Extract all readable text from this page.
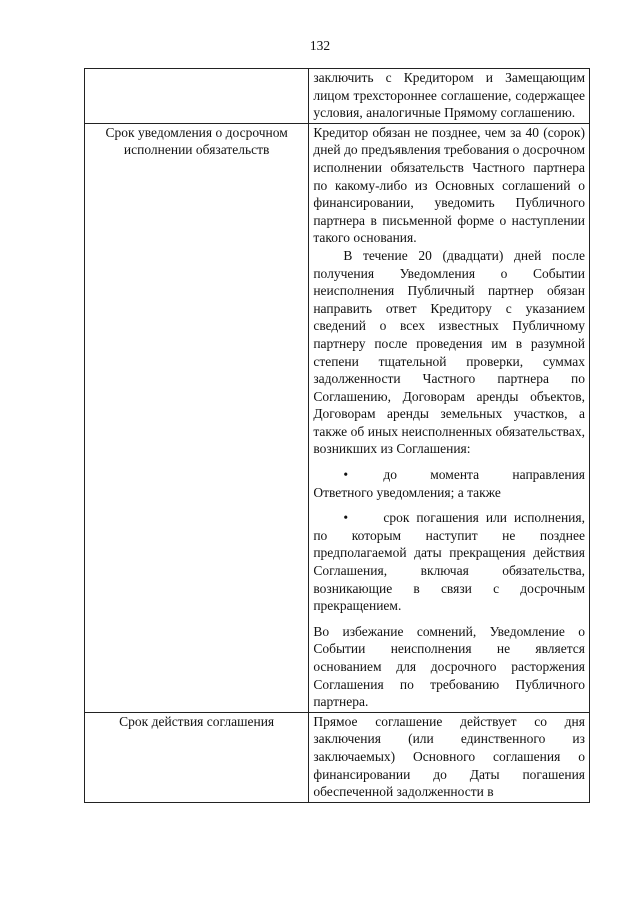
132

	заключить с Кредитором и Замещающим лицом трехстороннее соглашение, содержащее условия, аналогичные Прямому соглашению.

Срок уведомления о досрочном исполнении обязательств	Кредитор обязан не позднее, чем за 40 (сорок) дней до предъявления требования о досрочном исполнении обязательств Частного партнера по какому-либо из Основных соглашений о финансировании, уведомить Публичного партнера в письменной форме о наступлении такого основания.

В течение 20 (двадцати) дней после получения Уведомления о Событии неисполнения Публичный партнер обязан направить ответ Кредитору с указанием сведений о всех известных Публичному партнеру после проведения им в разумной степени тщательной проверки, суммах задолженности Частного партнера по Соглашению, Договорам аренды объектов, Договорам аренды земельных участков, а также об иных неисполненных обязательствах, возникших из Соглашения:

• до момента направления Ответного уведомления; а также
• срок погашения или исполнения, по которым наступит не позднее предполагаемой даты прекращения действия Соглашения, включая обязательства, возникающие в связи с досрочным прекращением.

Во избежание сомнений, Уведомление о Событии неисполнения не является основанием для досрочного расторжения Соглашения по требованию Публичного партнера.

Срок действия соглашения	Прямое соглашение действует со дня заключения (или единственного из заключаемых) Основного соглашения о финансировании до Даты погашения обеспеченной задолженности в
